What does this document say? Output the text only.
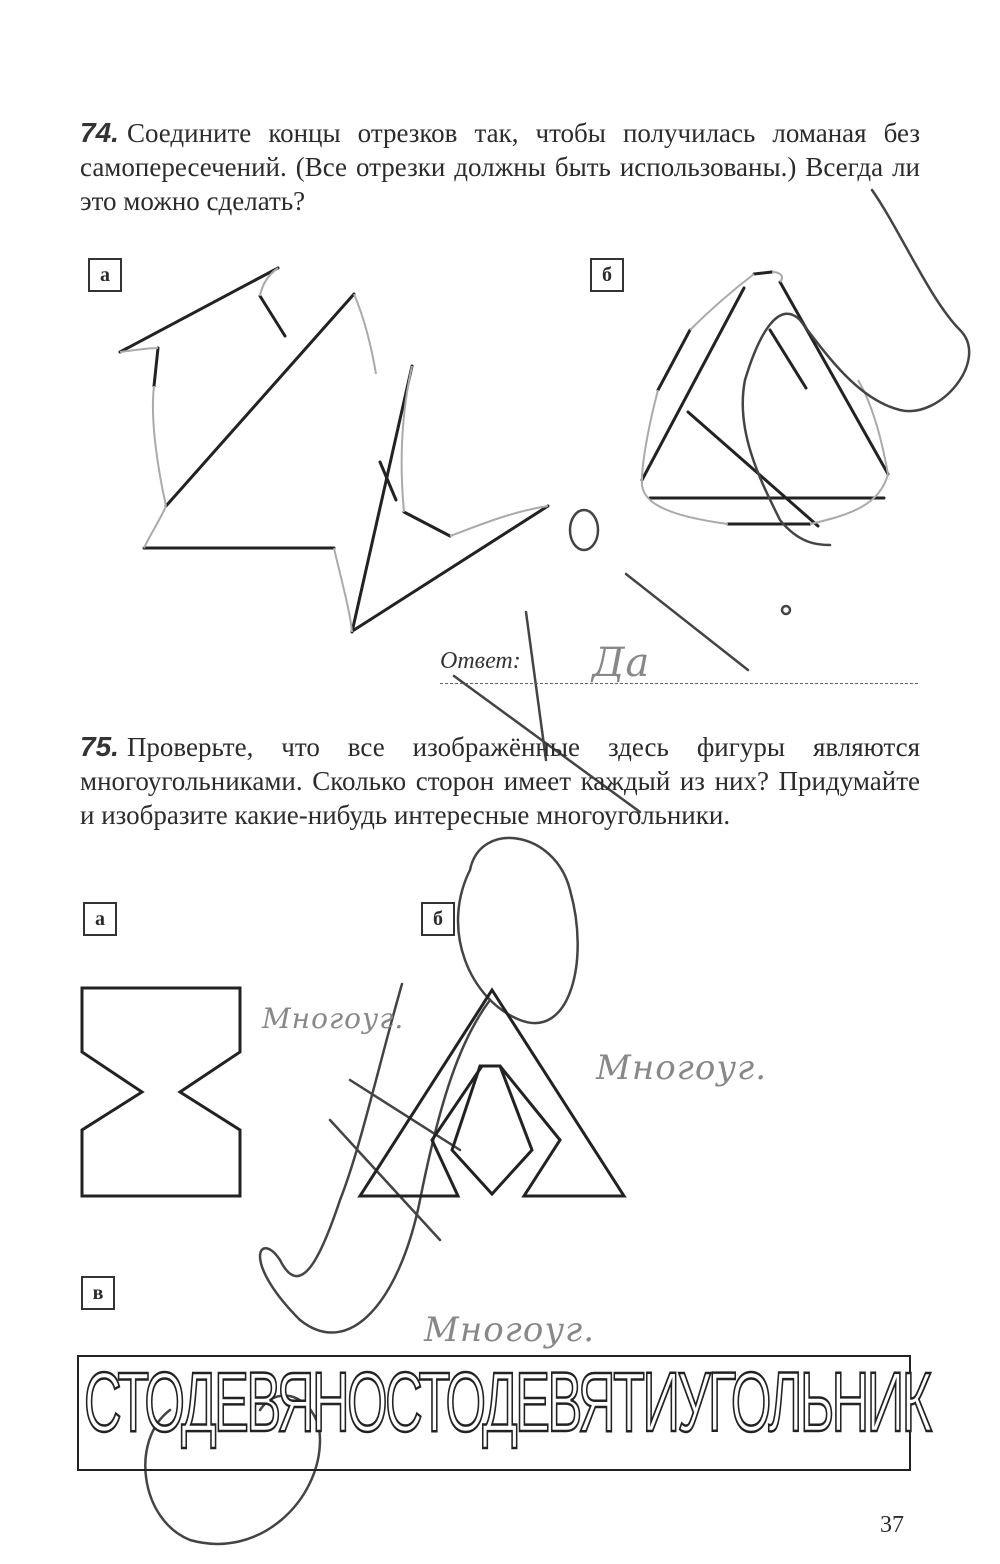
74. Соедините концы отрезков так, чтобы получилась ломаная без самопересечений. (Все отрезки должны быть использованы.) Всегда ли это можно сделать?
а	б
Ответ: Да
75. Проверьте, что все изображённые здесь фигуры являются многоугольниками. Сколько сторон имеет каждый из них? Придумайте и изобразите какие-нибудь интересные многоугольники.
а	б
в
Многоуг.
Многоуг.
Многоуг.
СТОДЕВЯНОСТОДЕВЯТИУГОЛЬНИК
37
